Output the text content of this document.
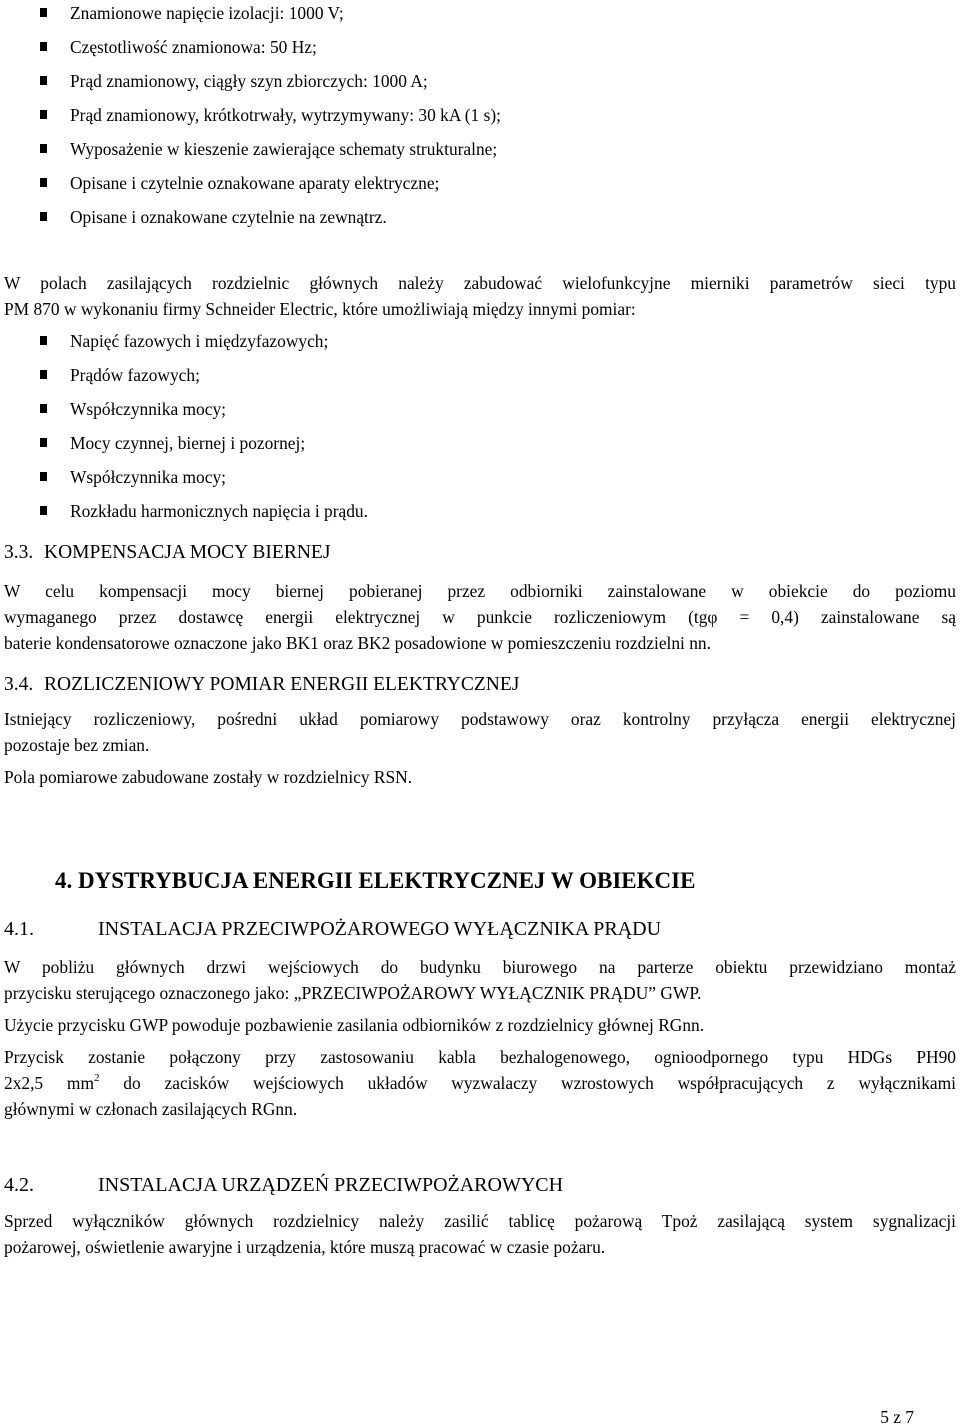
Znamionowe napięcie izolacji: 1000 V;
Częstotliwość znamionowa: 50 Hz;
Prąd znamionowy, ciągły szyn zbiorczych: 1000 A;
Prąd znamionowy, krótkotrwały, wytrzymywany: 30 kA (1 s);
Wyposażenie w kieszenie zawierające schematy strukturalne;
Opisane i czytelnie oznakowane aparaty elektryczne;
Opisane i oznakowane czytelnie na zewnątrz.
W polach zasilających rozdzielnic głównych należy zabudować wielofunkcyjne mierniki parametrów sieci typu
PM 870 w wykonaniu firmy Schneider Electric, które umożliwiają między innymi pomiar:
Napięć fazowych i międzyfazowych;
Prądów fazowych;
Współczynnika mocy;
Mocy czynnej, biernej i pozornej;
Współczynnika mocy;
Rozkładu harmonicznych napięcia i prądu.
3.3. KOMPENSACJA MOCY BIERNEJ
W celu kompensacji mocy biernej pobieranej przez odbiorniki zainstalowane w obiekcie do poziomu
wymaganego przez dostawcę energii elektrycznej w punkcie rozliczeniowym (tgφ = 0,4) zainstalowane są
baterie kondensatorowe oznaczone jako BK1 oraz BK2 posadowione w pomieszczeniu rozdzielni nn.
3.4. ROZLICZENIOWY POMIAR ENERGII ELEKTRYCZNEJ
Istniejący rozliczeniowy, pośredni układ pomiarowy podstawowy oraz kontrolny przyłącza energii elektrycznej
pozostaje bez zmian.
Pola pomiarowe zabudowane zostały w rozdzielnicy RSN.
4. DYSTRYBUCJA ENERGII ELEKTRYCZNEJ W OBIEKCIE
4.1.	INSTALACJA PRZECIWPOŻAROWEGO WYŁĄCZNIKA PRĄDU
W pobliżu głównych drzwi wejściowych do budynku biurowego na parterze obiektu przewidziano montaż
przycisku sterującego oznaczonego jako: „PRZECIWPOŻAROWY WYŁĄCZNIK PRĄDU” GWP.
Użycie przycisku GWP powoduje pozbawienie zasilania odbiorników z rozdzielnicy głównej RGnn.
Przycisk zostanie połączony przy zastosowaniu kabla bezhalogenowego, ognioodpornego typu HDGs PH90
2x2,5 $mm^2$ do zacisków wejściowych układów wyzwalaczy wzrostowych współpracujących z wyłącznikami
głównymi w członach zasilających RGnn.
4.2.	INSTALACJA URZĄDZEŃ PRZECIWPOŻAROWYCH
Sprzed wyłączników głównych rozdzielnicy należy zasilić tablicę pożarową Tpoż zasilającą system sygnalizacji
pożarowej, oświetlenie awaryjne i urządzenia, które muszą pracować w czasie pożaru.
5 z 7
